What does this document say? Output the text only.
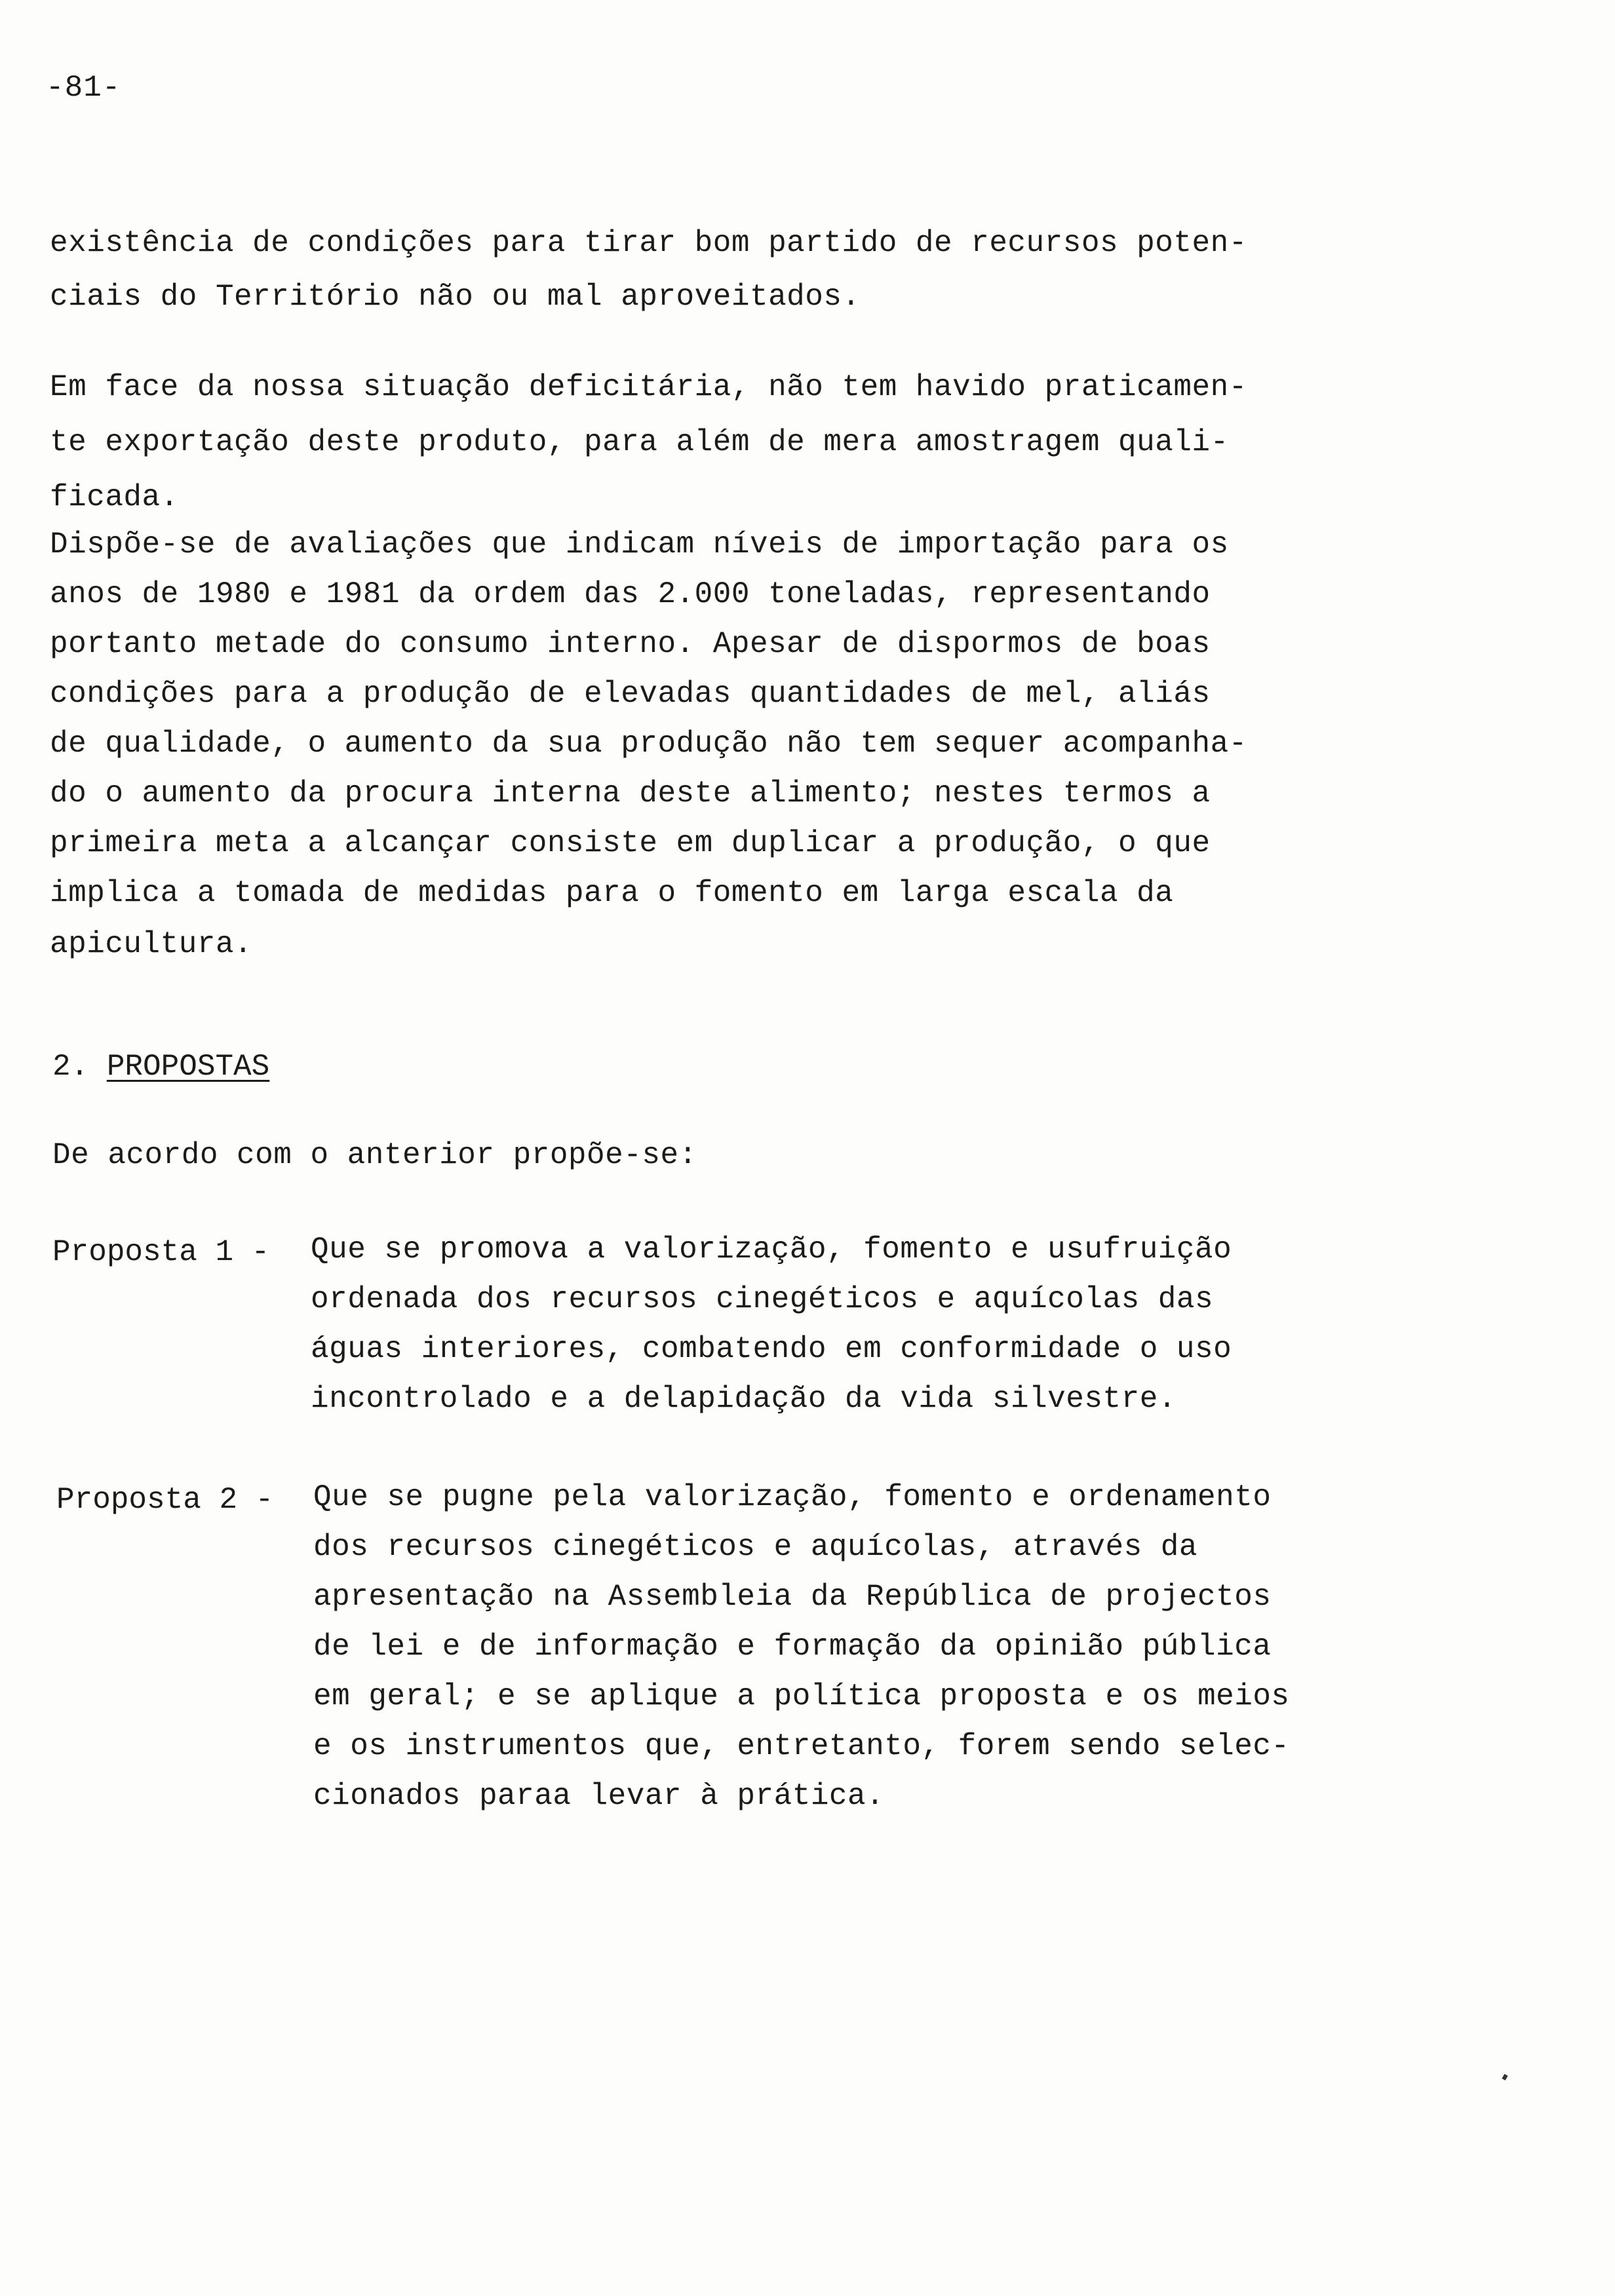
-81-
existência de condições para tirar bom partido de recursos poten-
ciais do Território não ou mal aproveitados.
Em face da nossa situação deficitária, não tem havido praticamen-
te exportação deste produto, para além de mera amostragem quali-
ficada.
Dispõe-se de avaliações que indicam níveis de importação para os
anos de 1980 e 1981 da ordem das 2.000 toneladas, representando
portanto metade do consumo interno. Apesar de dispormos de boas
condições para a produção de elevadas quantidades de mel, aliás
de qualidade, o aumento da sua produção não tem sequer acompanha-
do o aumento da procura interna deste alimento; nestes termos a
primeira meta a alcançar consiste em duplicar a produção, o que
implica a tomada de medidas para o fomento em larga escala da
apicultura.
2. PROPOSTAS
De acordo com o anterior propõe-se:
Proposta 1 - Que se promova a valorização, fomento e usufruição
ordenada dos recursos cinegéticos e aquícolas das
águas interiores, combatendo em conformidade o uso
incontrolado e a delapidação da vida silvestre.
Proposta 2 - Que se pugne pela valorização, fomento e ordenamento
dos recursos cinegéticos e aquícolas, através da
apresentação na Assembleia da República de projectos
de lei e de informação e formação da opinião pública
em geral; e se aplique a política proposta e os meios
e os instrumentos que, entretanto, forem sendo selec-
cionados paraa levar à prática.
